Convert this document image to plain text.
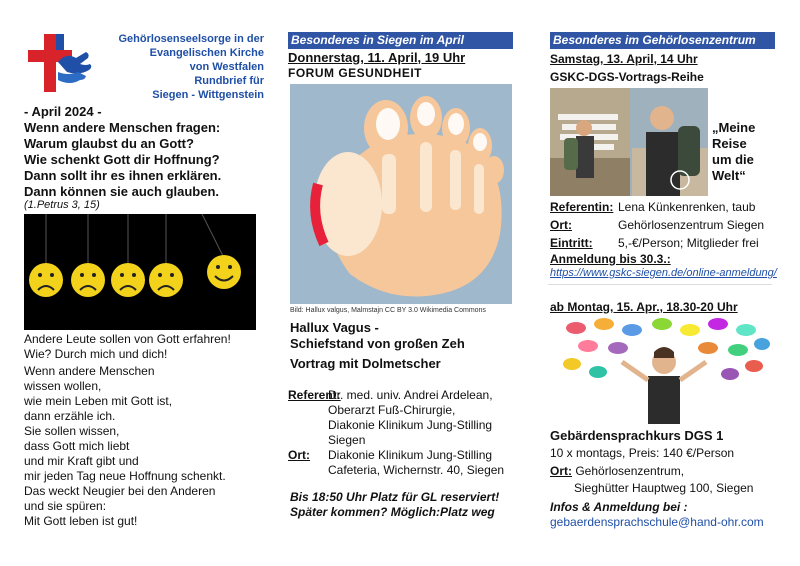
Gehörlosenseelsorge in der
Evangelischen Kirche
von Westfalen
Rundbrief für
Siegen - Wittgenstein
- April 2024 -
Wenn andere Menschen fragen:
Warum glaubst du an Gott?
Wie schenkt Gott dir Hoffnung?
Dann sollt ihr es ihnen erklären.
Dann können sie auch glauben.
(1.Petrus 3, 15)
Andere Leute sollen von Gott erfahren!
Wie? Durch mich und dich!
Wenn andere Menschen
wissen wollen,
wie mein Leben mit Gott ist,
dann erzähle ich.
Sie sollen wissen,
dass Gott mich liebt
und mir Kraft gibt und
mir jeden Tag neue Hoffnung schenkt.
Das weckt Neugier bei den Anderen
und sie spüren:
Mit Gott leben ist gut!
Besonderes in Siegen im April
Donnerstag, 11. April, 19 Uhr
FORUM GESUNDHEIT
Bild: Hallux valgus, Malmstajn CC BY 3.0 Wikimedia Commons
Hallux Vagus -
Schiefstand von großen Zeh
Vortrag mit Dolmetscher
Referent:
Dr. med. univ. Andrei Ardelean,
Oberarzt Fuß-Chirurgie,
Diakonie Klinikum Jung-Stilling
Siegen
Ort:	Diakonie Klinikum Jung-Stilling
Cafeteria, Wichernstr. 40, Siegen
Bis 18:50 Uhr Platz für GL reserviert!
Später kommen? Möglich:Platz weg
Besonderes im Gehörlosenzentrum
Samstag, 13. April, 14 Uhr
GSKC-DGS-Vortrags-Reihe
„Meine
Reise
um die
Welt“
Referentin: Lena Künkenrenken, taub
Ort:	Gehörlosenzentrum Siegen
Eintritt:	5,-€/Person; Mitglieder frei
Anmeldung bis 30.3.:
https://www.gskc-siegen.de/online-anmeldung/
ab Montag, 15. Apr., 18.30-20 Uhr
Gebärdensprachkurs DGS 1
10 x montags, Preis: 140 €/Person
Ort: Gehörlosenzentrum,
Sieghütter Hauptweg 100, Siegen
Infos & Anmeldung bei :
gebaerdensprachschule@hand-ohr.com
